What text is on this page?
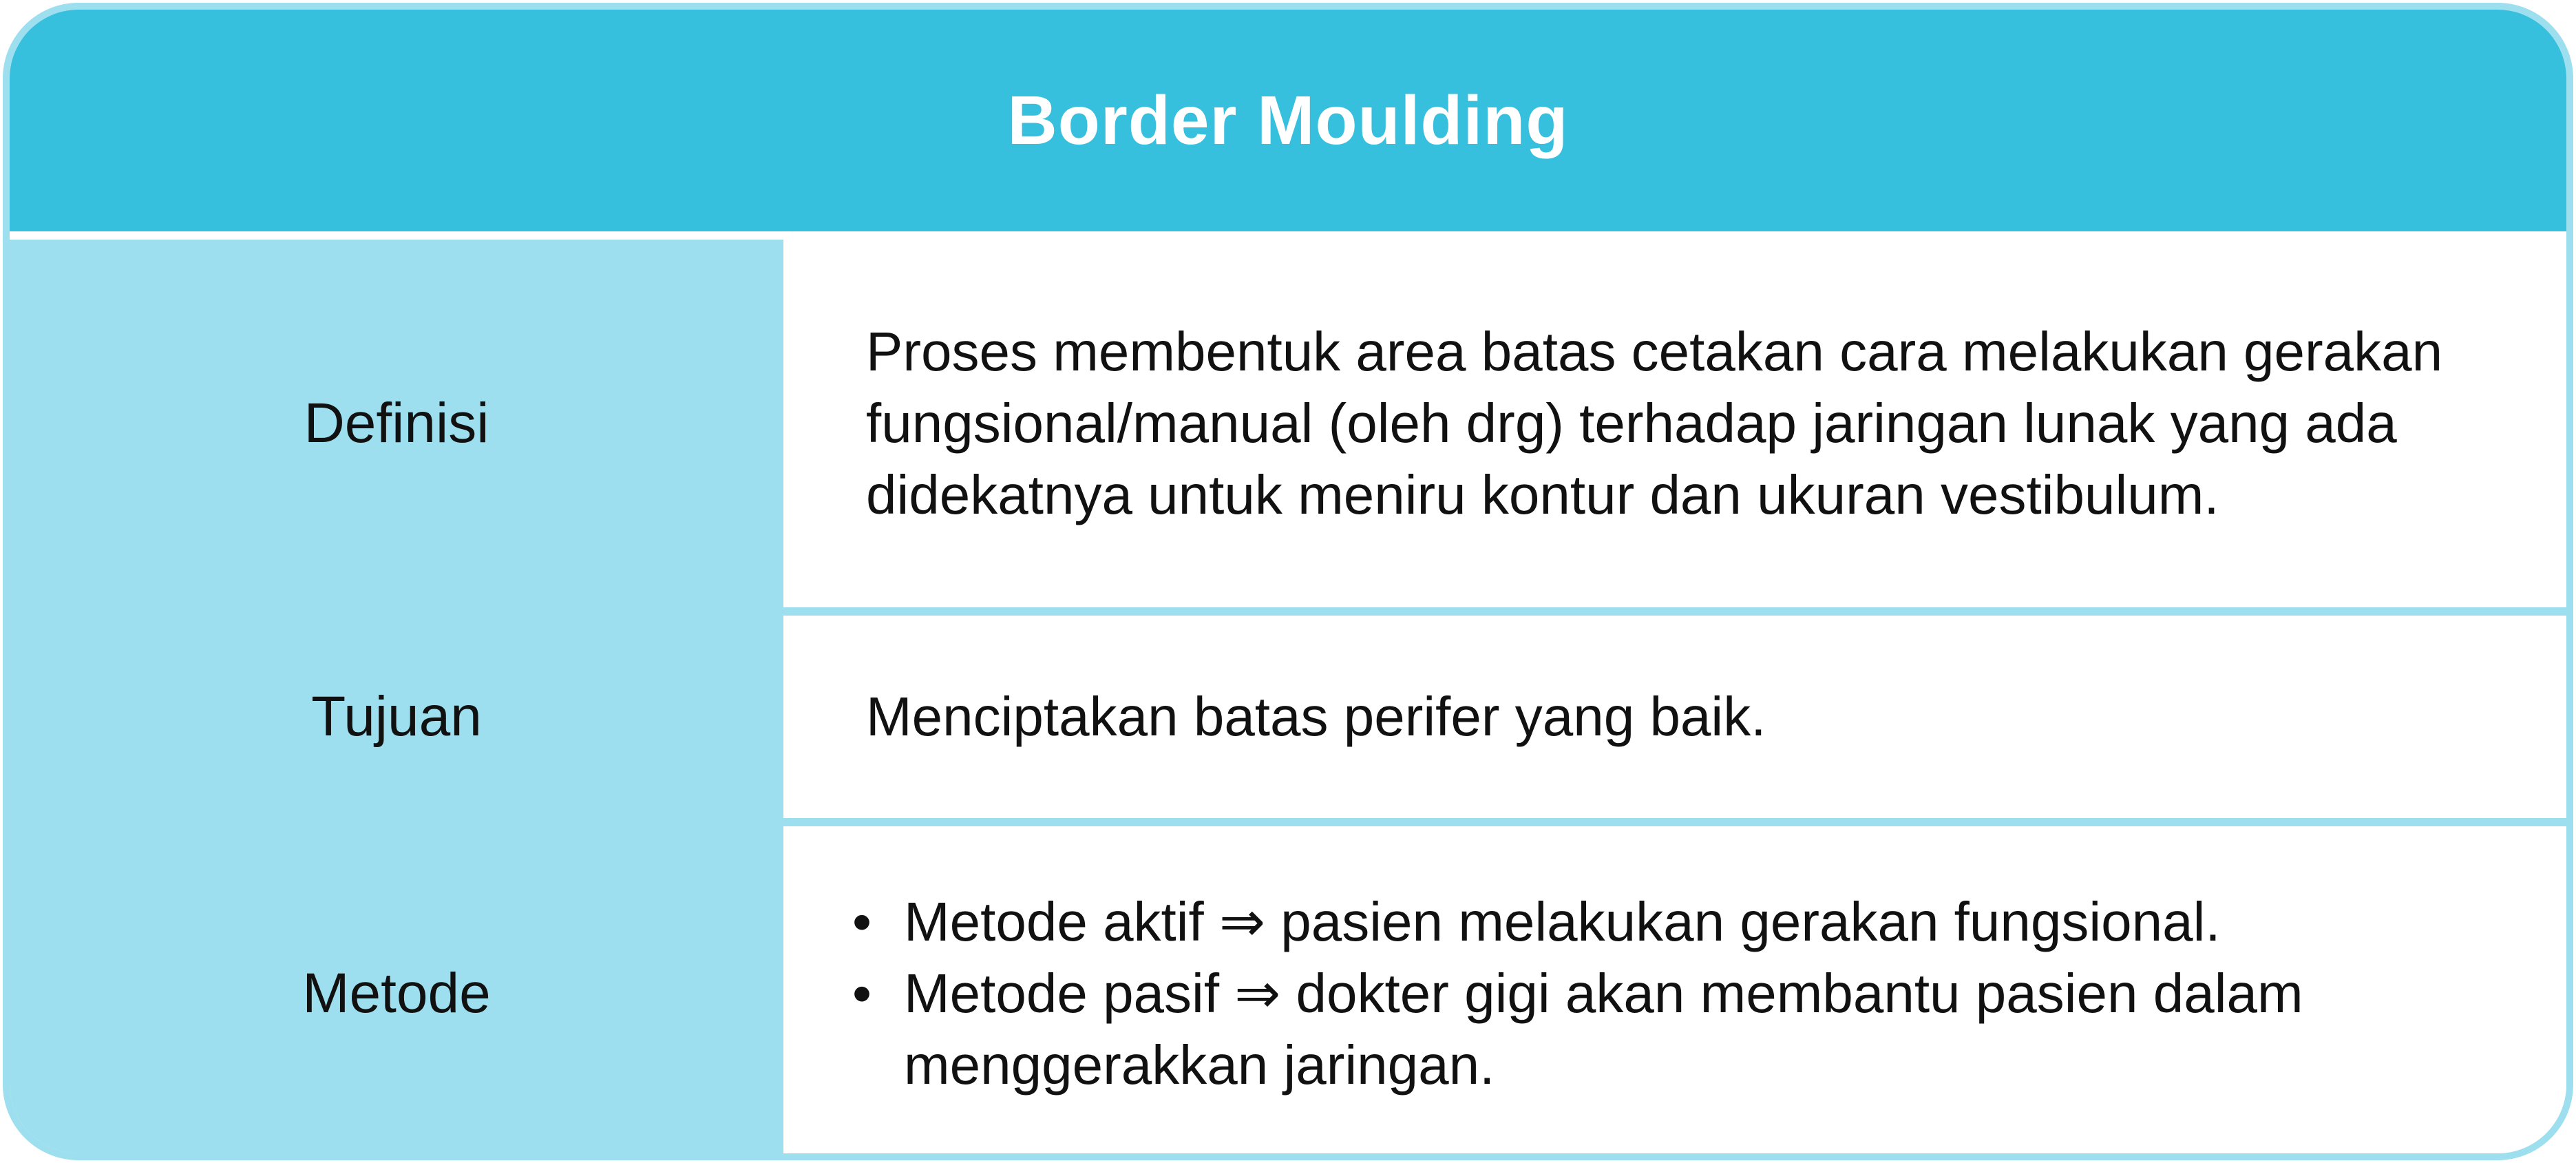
Border Moulding
Definisi
Proses membentuk area batas cetakan cara melakukan gerakan fungsional/manual (oleh drg) terhadap jaringan lunak yang ada didekatnya untuk meniru kontur dan ukuran vestibulum.
Tujuan	Menciptakan batas perifer yang baik.
Metode
• Metode aktif ⇒ pasien melakukan gerakan fungsional.
• Metode pasif ⇒ dokter gigi akan membantu pasien dalam menggerakkan jaringan.
